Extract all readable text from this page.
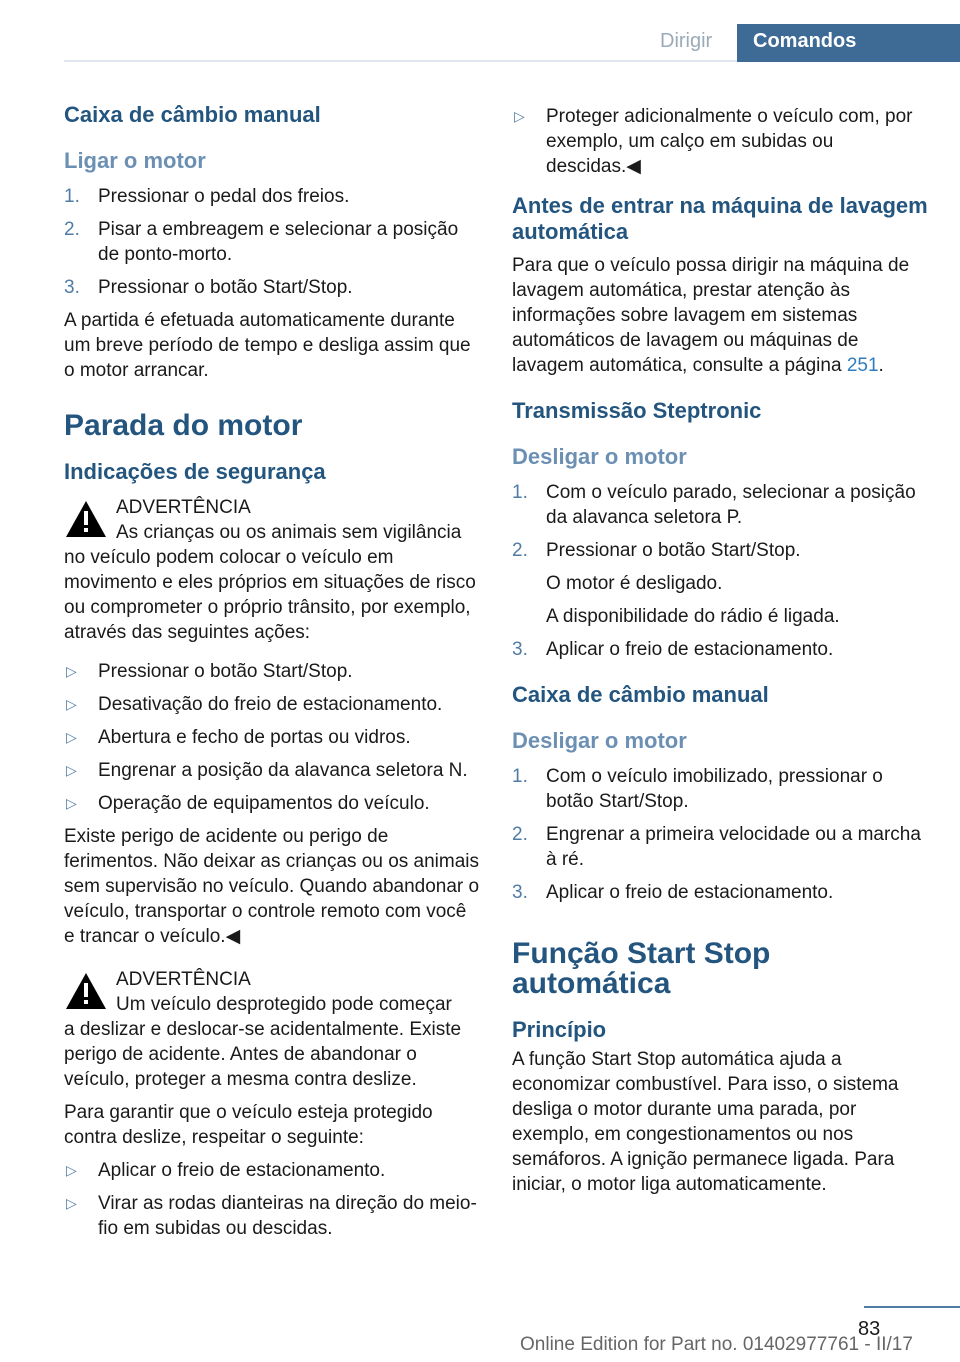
Dirigir Comandos
Caixa de câmbio manual
Ligar o motor
1. Pressionar o pedal dos freios.
2. Pisar a embreagem e selecionar a posição de ponto-morto.
3. Pressionar o botão Start/Stop.

A partida é efetuada automaticamente durante um breve período de tempo e desliga assim que o motor arrancar.

Parada do motor
Indicações de segurança
ADVERTÊNCIA
As crianças ou os animais sem vigilância
no veículo podem colocar o veículo em movimento e eles próprios em situações de risco ou comprometer o próprio trânsito, por exemplo, através das seguintes ações:
▷ Pressionar o botão Start/Stop.
▷ Desativação do freio de estacionamento.
▷ Abertura e fecho de portas ou vidros.
▷ Engrenar a posição da alavanca seletora N.
▷ Operação de equipamentos do veículo.

Existe perigo de acidente ou perigo de ferimentos. Não deixar as crianças ou os animais sem supervisão no veículo. Quando abandonar o veículo, transportar o controle remoto com você e trancar o veículo.◀

ADVERTÊNCIA
Um veículo desprotegido pode começar
a deslizar e deslocar-se acidentalmente. Existe perigo de acidente. Antes de abandonar o veículo, proteger a mesma contra deslize.

Para garantir que o veículo esteja protegido contra deslize, respeitar o seguinte:

▷ Aplicar o freio de estacionamento.
▷ Virar as rodas dianteiras na direção do meio-fio em subidas ou descidas.
▷ Proteger adicionalmente o veículo com, por exemplo, um calço em subidas ou descidas.◀
Antes de entrar na máquina de lavagem automática

Para que o veículo possa dirigir na máquina de lavagem automática, prestar atenção às informações sobre lavagem em sistemas automáticos de lavagem ou máquinas de lavagem automática, consulte a página 251.

Transmissão Steptronic
Desligar o motor
1. Com o veículo parado, selecionar a posição da alavanca seletora P.
2. Pressionar o botão Start/Stop.
O motor é desligado.
A disponibilidade do rádio é ligada.
3. Aplicar o freio de estacionamento.
Caixa de câmbio manual
Desligar o motor
1. Com o veículo imobilizado, pressionar o botão Start/Stop.
2. Engrenar a primeira velocidade ou a marcha à ré.
3. Aplicar o freio de estacionamento.
Função Start Stop automática
Princípio

A função Start Stop automática ajuda a economizar combustível. Para isso, o sistema desliga o motor durante uma parada, por exemplo, em congestionamentos ou nos semáforos. A ignição permanece ligada. Para iniciar, o motor liga automaticamente.

83
Online Edition for Part no. 01402977761 - II/17
